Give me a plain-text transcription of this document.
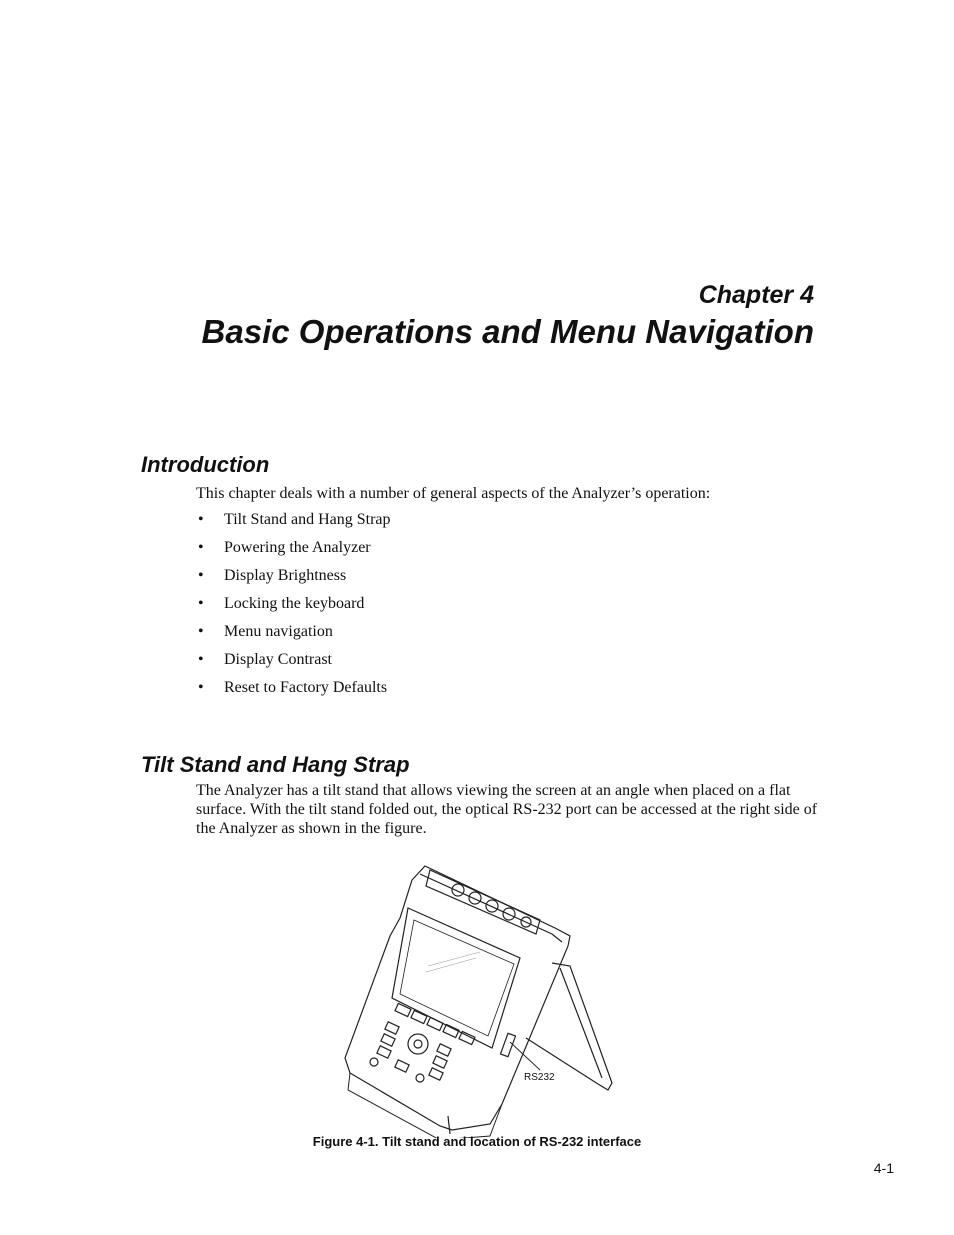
Chapter 4
Basic Operations and Menu Navigation
Introduction

This chapter deals with a number of general aspects of the Analyzer’s operation:

• Tilt Stand and Hang Strap
• Powering the Analyzer
• Display Brightness
• Locking the keyboard
• Menu navigation
• Display Contrast
• Reset to Factory Defaults
Tilt Stand and Hang Strap

The Analyzer has a tilt stand that allows viewing the screen at an angle when placed on a flat surface. With the tilt stand folded out, the optical RS-232 port can be accessed at the right side of the Analyzer as shown in the figure.

RS232

Figure 4-1. Tilt stand and location of RS-232 interface

4-1
